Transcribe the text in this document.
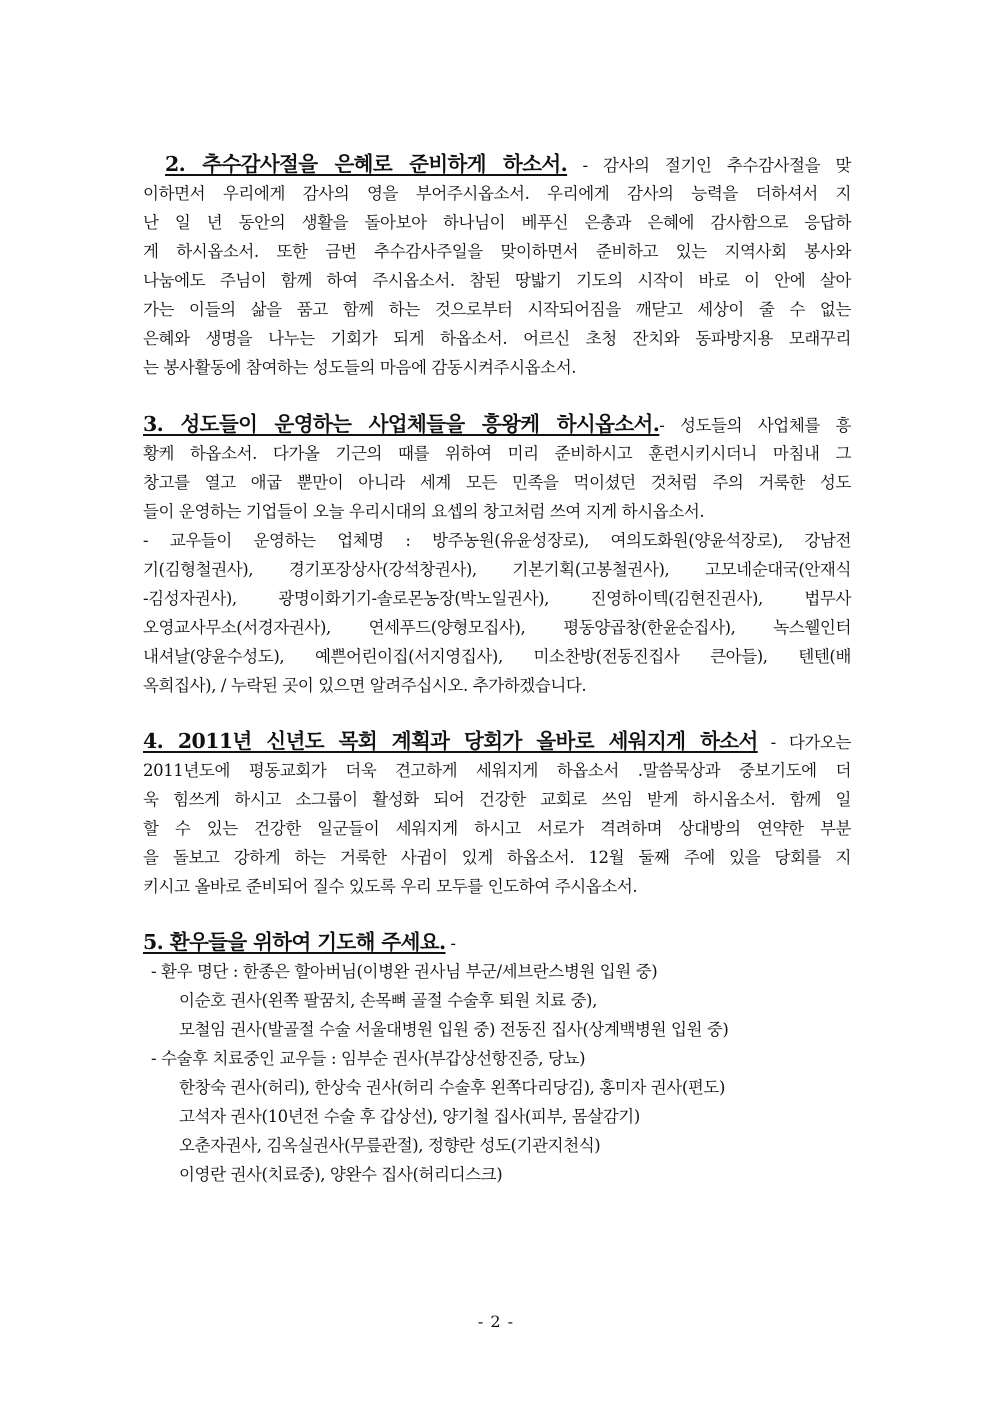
2. 추수감사절을 은혜로 준비하게 하소서. - 감사의 절기인 추수감사절을 맞
이하면서 우리에게 감사의 영을 부어주시옵소서. 우리에게 감사의 능력을 더하셔서 지
난 일 년 동안의 생활을 돌아보아 하나님이 베푸신 은총과 은혜에 감사함으로 응답하
게 하시옵소서. 또한 금번 추수감사주일을 맞이하면서 준비하고 있는 지역사회 봉사와
나눔에도 주님이 함께 하여 주시옵소서. 참된 땅밟기 기도의 시작이 바로 이 안에 살아
가는 이들의 삶을 품고 함께 하는 것으로부터 시작되어짐을 깨닫고 세상이 줄 수 없는
은혜와 생명을 나누는 기회가 되게 하옵소서. 어르신 초청 잔치와 동파방지용 모래꾸리
는 봉사활동에 참여하는 성도들의 마음에 감동시켜주시옵소서.
3. 성도들이 운영하는 사업체들을 흥왕케 하시옵소서.- 성도들의 사업체를 흥
황케 하옵소서. 다가올 기근의 때를 위하여 미리 준비하시고 훈련시키시더니 마침내 그
창고를 열고 애굽 뿐만이 아니라 세계 모든 민족을 먹이셨던 것처럼 주의 거룩한 성도
들이 운영하는 기업들이 오늘 우리시대의 요셉의 창고처럼 쓰여 지게 하시옵소서.
- 교우들이 운영하는 업체명 : 방주농원(유윤성장로), 여의도화원(양윤석장로), 강남전
기(김형철권사), 경기포장상사(강석창권사), 기본기획(고봉철권사), 고모네순대국(안재식
-김성자권사), 광명이화기기-솔로몬농장(박노일권사), 진영하이텍(김현진권사), 법무사
오영교사무소(서경자권사), 연세푸드(양형모집사), 평동양곱창(한윤순집사), 녹스웰인터
내셔날(양윤수성도), 예쁜어린이집(서지영집사), 미소찬방(전동진집사 큰아들), 텐텐(배
옥희집사), / 누락된 곳이 있으면 알려주십시오. 추가하겠습니다.
4. 2011년 신년도 목회 계획과 당회가 올바로 세워지게 하소서 - 다가오는
2011년도에 평동교회가 더욱 견고하게 세워지게 하옵소서 .말씀묵상과 중보기도에 더
욱 힘쓰게 하시고 소그룹이 활성화 되어 건강한 교회로 쓰임 받게 하시옵소서. 함께 일
할 수 있는 건강한 일군들이 세워지게 하시고 서로가 격려하며 상대방의 연약한 부분
을 돌보고 강하게 하는 거룩한 사귐이 있게 하옵소서. 12월 둘째 주에 있을 당회를 지
키시고 올바로 준비되어 질수 있도록 우리 모두를 인도하여 주시옵소서.
5. 환우들을 위하여 기도해 주세요. -
- 환우 명단 : 한종은 할아버님(이병완 권사님 부군/세브란스병원 입원 중)
이순호 권사(왼쪽 팔꿈치, 손목뼈 골절 수술후 퇴원 치료 중),
모철임 권사(발골절 수술 서울대병원 입원 중) 전동진 집사(상계백병원 입원 중)
- 수술후 치료중인 교우들 : 임부순 권사(부갑상선항진증, 당뇨)
한창숙 권사(허리), 한상숙 권사(허리 수술후 왼쪽다리당김), 홍미자 권사(편도)
고석자 권사(10년전 수술 후 갑상선), 양기철 집사(피부, 몸살감기)
오춘자권사, 김옥실권사(무릎관절), 정향란 성도(기관지천식)
이영란 권사(치료중), 양완수 집사(허리디스크)
- 2 -
